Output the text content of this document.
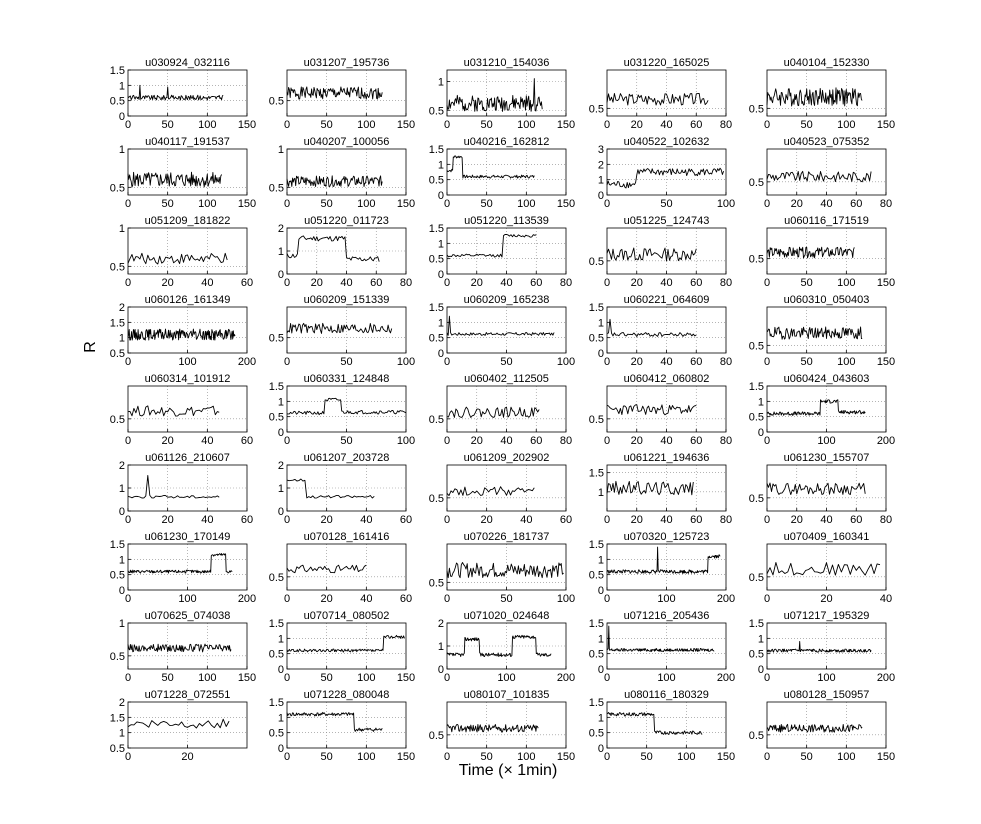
Time (× 1min)
R
u030924_032116
0	50 100 150
0
0.5
1
1.5
u031207_195736
0	50 100 150
0.5
u031210_154036
0	50 100 150
0.5
1
u031220_165025
0 20 40 60 80
0.5
u040104_152330
0	50 100 150
0.5
u040117_191537
0	50 100 150
0.5
1
u040207_100056
0	50 100 150
0.5
1
u040216_162812
0	50 100 150
0
0.5
1
1.5
u040522_102632
0	50	100
0
1
2
3
u040523_075352
0 20 40 60 80
0.5
u051209_181822
0	20 40 60
0.5
1
u051220_011723
0 20 40 60 80
0
1
2
u051220_113539
0 20 40 60 80
0
0.5
1
1.5
u051225_124743
0 20 40 60 80
0.5
u060116_171519
0	50 100 150
0.5
u060126_161349
0	100	200
0.5
1
1.5
2
u060209_151339
0	50	100
0.5
u060209_165238
0	50	100
0
0.5
1
1.5
u060221_064609
0 20 40 60 80
0
0.5
1
1.5
u060310_050403
0	50 100 150
0.5
u060314_101912
0	20 40 60
0.5
u060331_124848
0	50	100
0
0.5
1
1.5
u060402_112505
0 20 40 60 80
0.5
u060412_060802
0 20 40 60 80
0.5
u060424_043603
0	100	200
0
0.5
1
1.5
u061126_210607
0	20 40 60
0
1
2
u061207_203728
0	20 40 60
0
1
2
u061209_202902
0	20 40 60
0.5
u061221_194636
0 20 40 60 80
1
1.5
u061230_155707
0 20 40 60 80
0.5
u061230_170149
0	100	200
0
0.5
1
1.5
u070128_161416
0	20 40 60
0.5
u070226_181737
0	50	100
0.5
u070320_125723
0	100	200
0
0.5
1
1.5
u070409_160341
0	20	40
0.5
u070625_074038
0	50 100 150
0.5
1
u070714_080502
0	50 100 150
0
0.5
1
1.5
u071020_024648
0	100	200
0
1
2
u071216_205436
0	100	200
0
0.5
1
1.5
u071217_195329
0	100	200
0
0.5
1
1.5
u071228_072551
0	20
0.5
1
1.5
2
u071228_080048
0	50 100 150
0
0.5
1
1.5
u080107_101835
0	50 100 150
0.5
u080116_180329
0	50 100 150
0
0.5
1
1.5
u080128_150957
0	50 100 150
0.5
